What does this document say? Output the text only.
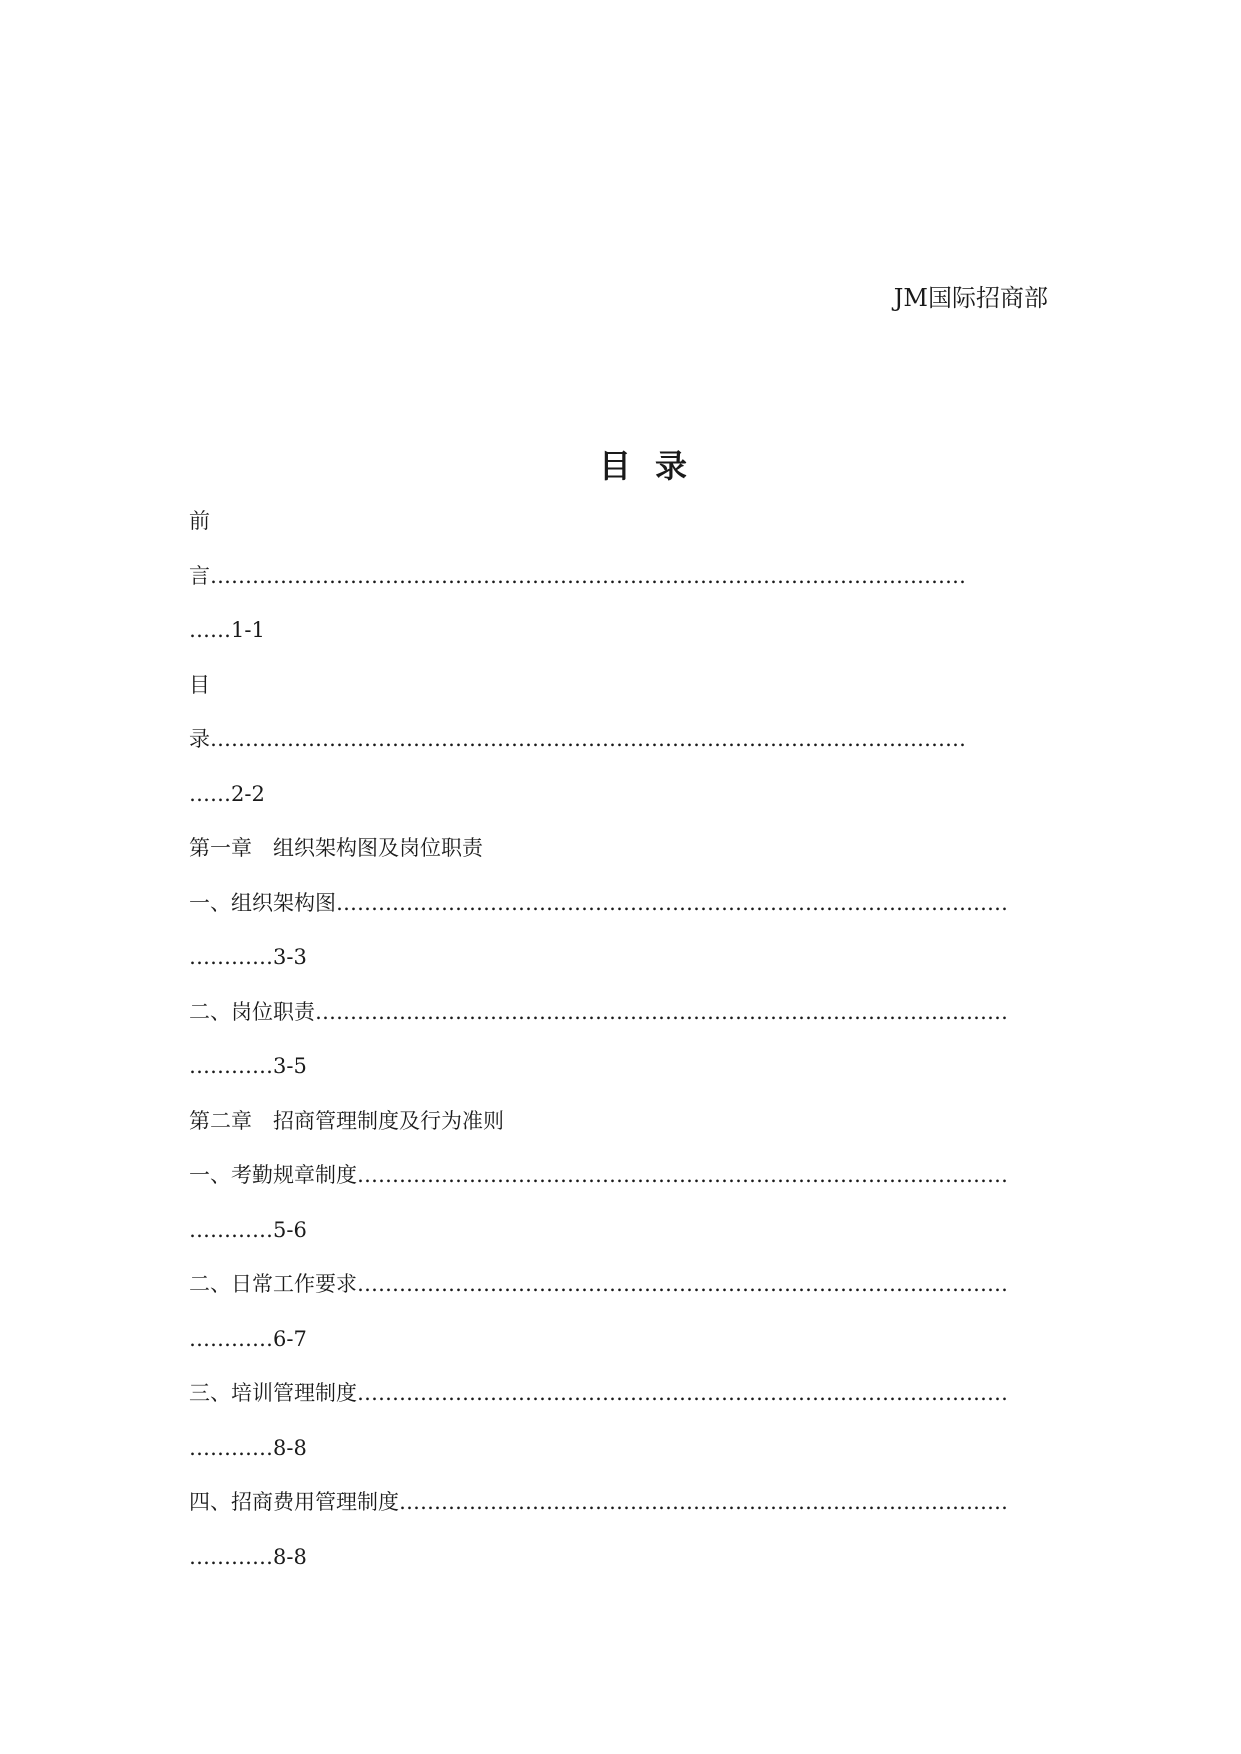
JM国际招商部
目录
前
言………………………………………………………………………………………………
……1-1
目
录………………………………………………………………………………………………
……2-2
第一章　组织架构图及岗位职责
一、组织架构图……………………………………………………………………………………
…………3-3
二、岗位职责………………………………………………………………………………………
…………3-5
第二章　招商管理制度及行为准则
一、考勤规章制度…………………………………………………………………………………
…………5-6
二、日常工作要求…………………………………………………………………………………
…………6-7
三、培训管理制度…………………………………………………………………………………
…………8-8
四、招商费用管理制度……………………………………………………………………………
…………8-8
